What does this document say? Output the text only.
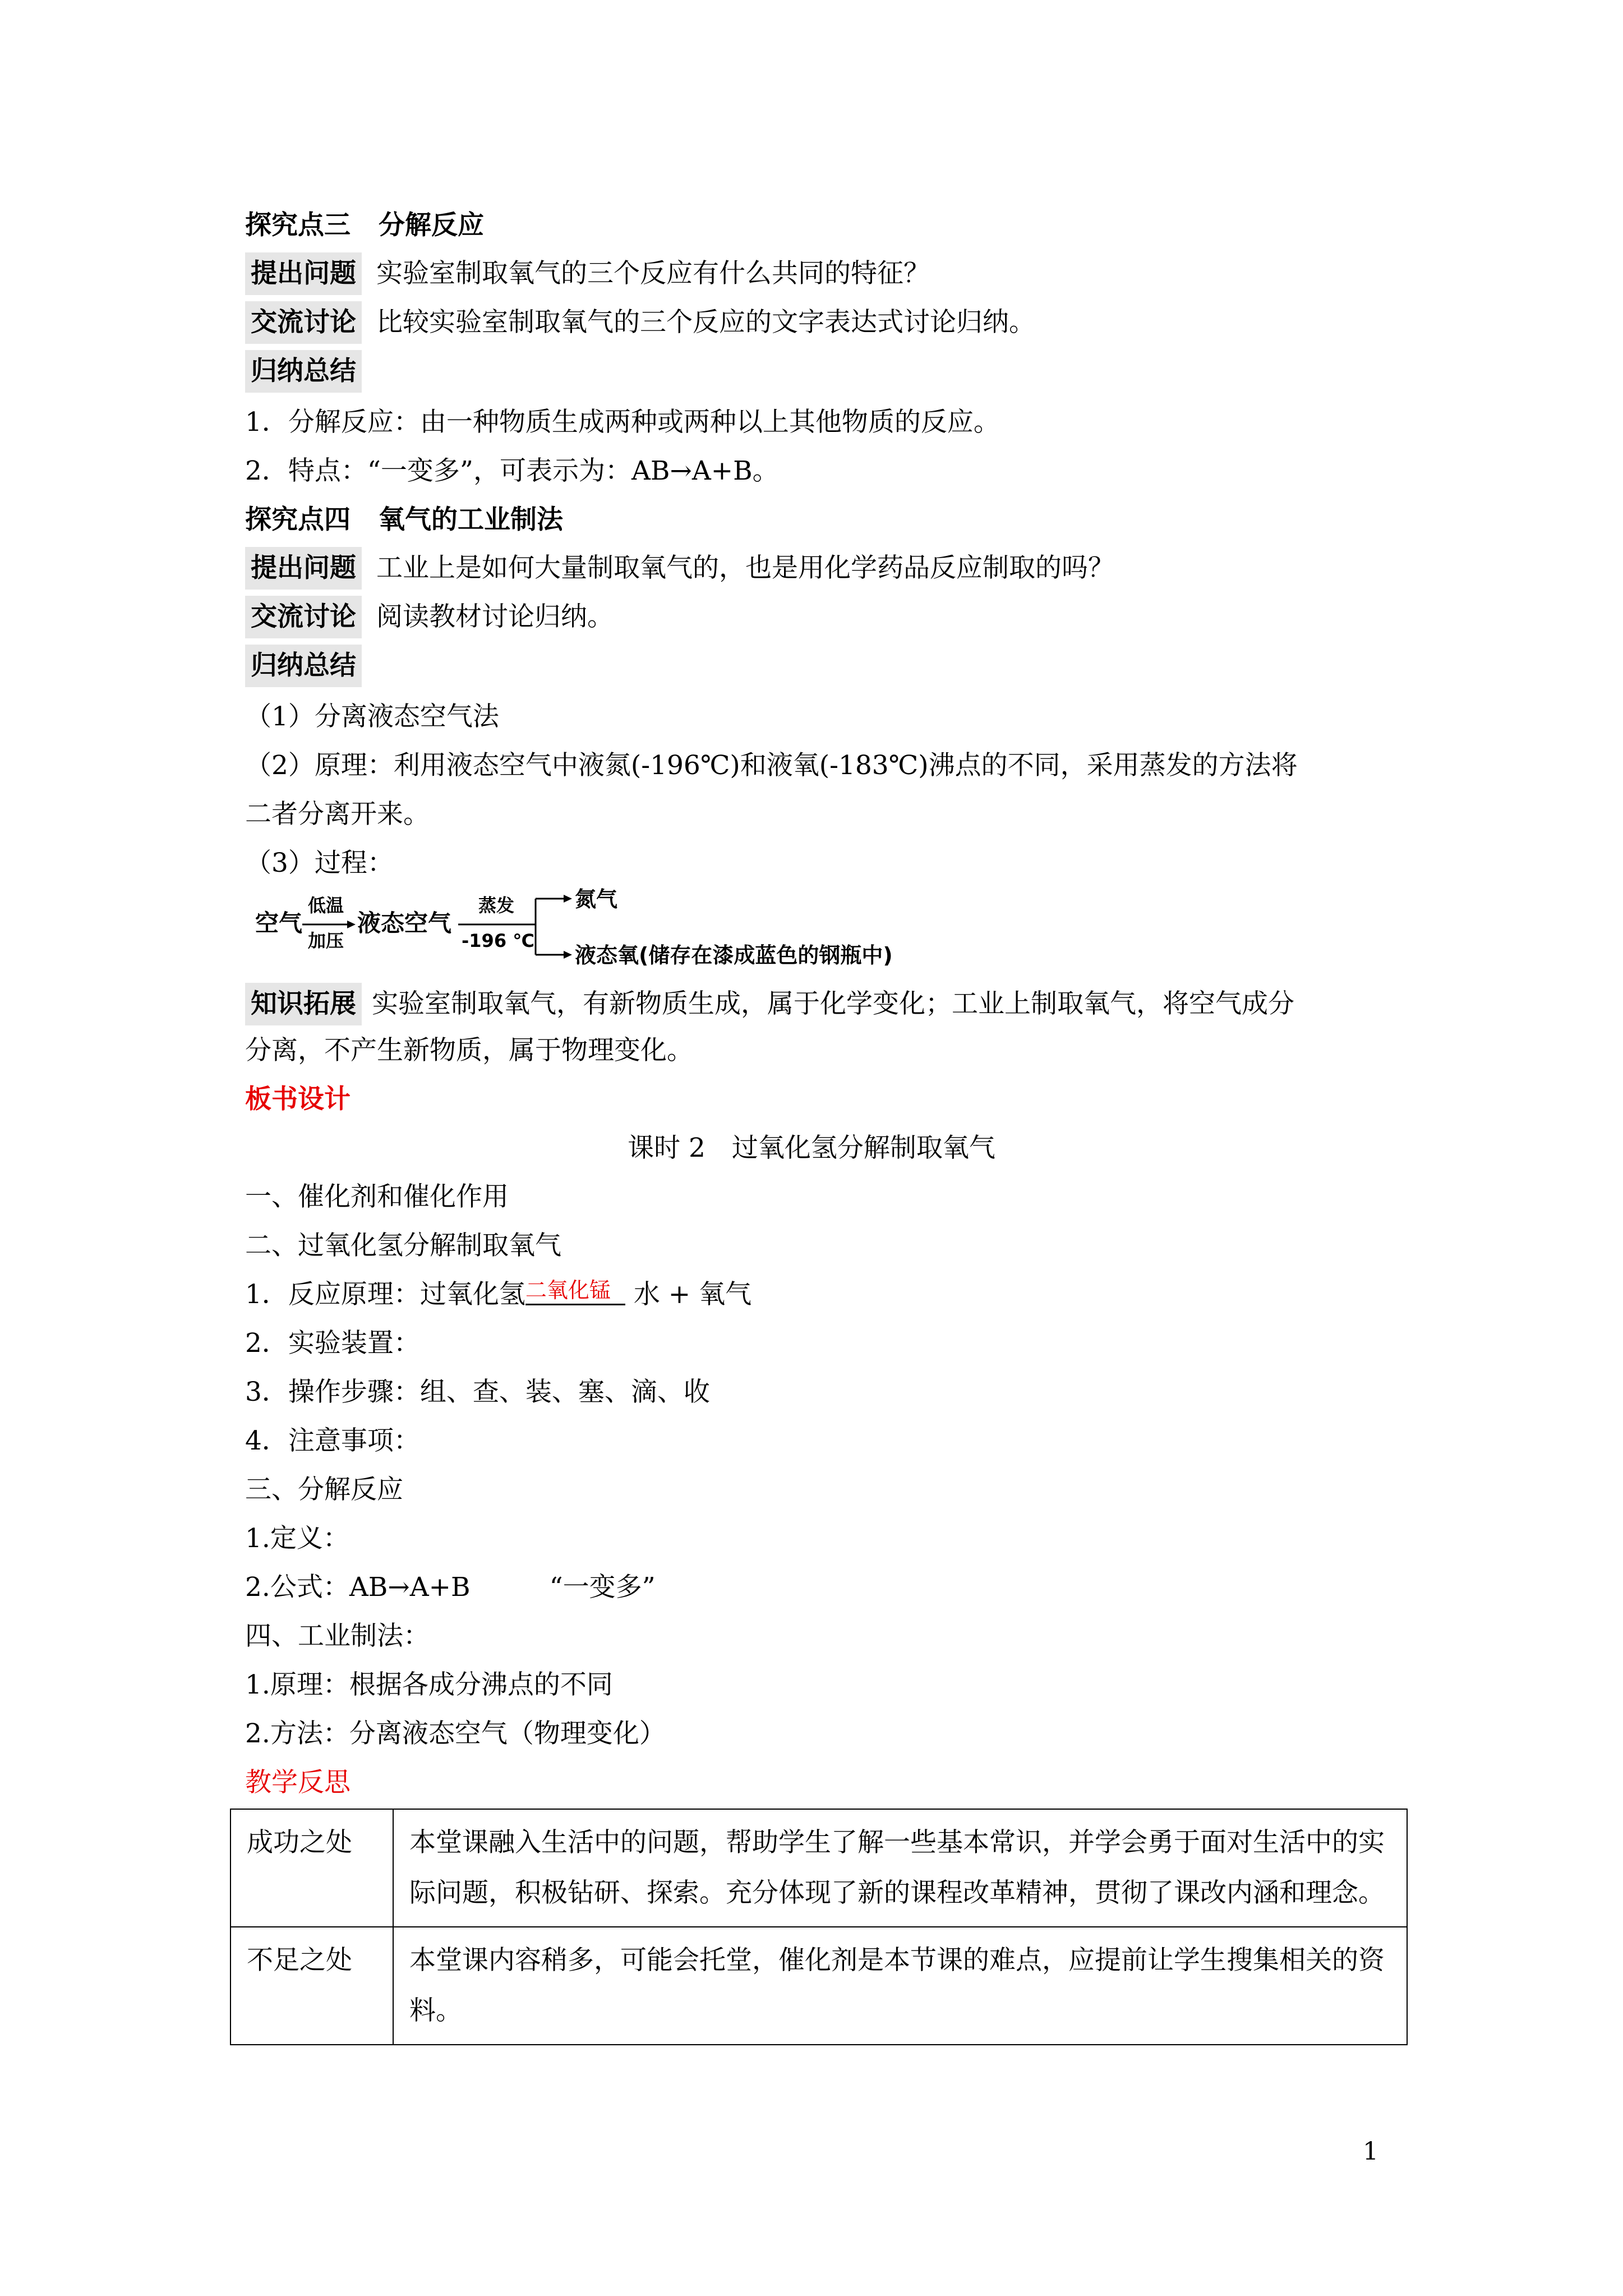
探究点三 分解反应
提出问题 实验室制取氧气的三个反应有什么共同的特征？
交流讨论 比较实验室制取氧气的三个反应的文字表达式讨论归纳。
归纳总结
1．分解反应：由一种物质生成两种或两种以上其他物质的反应。
2．特点：“一变多”，可表示为：AB→A+B。
探究点四 氧气的工业制法
提出问题 工业上是如何大量制取氧气的，也是用化学药品反应制取的吗？
交流讨论 阅读教材讨论归纳。
归纳总结
（1）分离液态空气法
（2）原理：利用液态空气中液氮(-196℃)和液氧(-183℃)沸点的不同，采用蒸发的方法将
二者分离开来。
（3）过程：
空气
低温
加压
液态空气
蒸发
-196 ℃
氮气
液态氧(储存在漆成蓝色的钢瓶中)
知识拓展 实验室制取氧气，有新物质生成，属于化学变化；工业上制取氧气，将空气成分
分离，不产生新物质，属于物理变化。
板书设计
课时 2　过氧化氢分解制取氧气
一、催化剂和催化作用
二、过氧化氢分解制取氧气
1．反应原理：过氧化氢 二氧化锰 水 + 氧气
2．实验装置：
3．操作步骤：组、查、装、塞、滴、收
4．注意事项：
三、分解反应
1.定义：
2.公式：AB→A+B　　　“一变多”
四、工业制法：
1.原理：根据各成分沸点的不同
2.方法：分离液态空气（物理变化）
教学反思
成功之处	本堂课融入生活中的问题，帮助学生了解一些基本常识，并学会勇于面对生活中的实际问题，积极钻研、探索。充分体现了新的课程改革精神，贯彻了课改内涵和理念。
不足之处	本堂课内容稍多，可能会托堂，催化剂是本节课的难点，应提前让学生搜集相关的资料。
1
